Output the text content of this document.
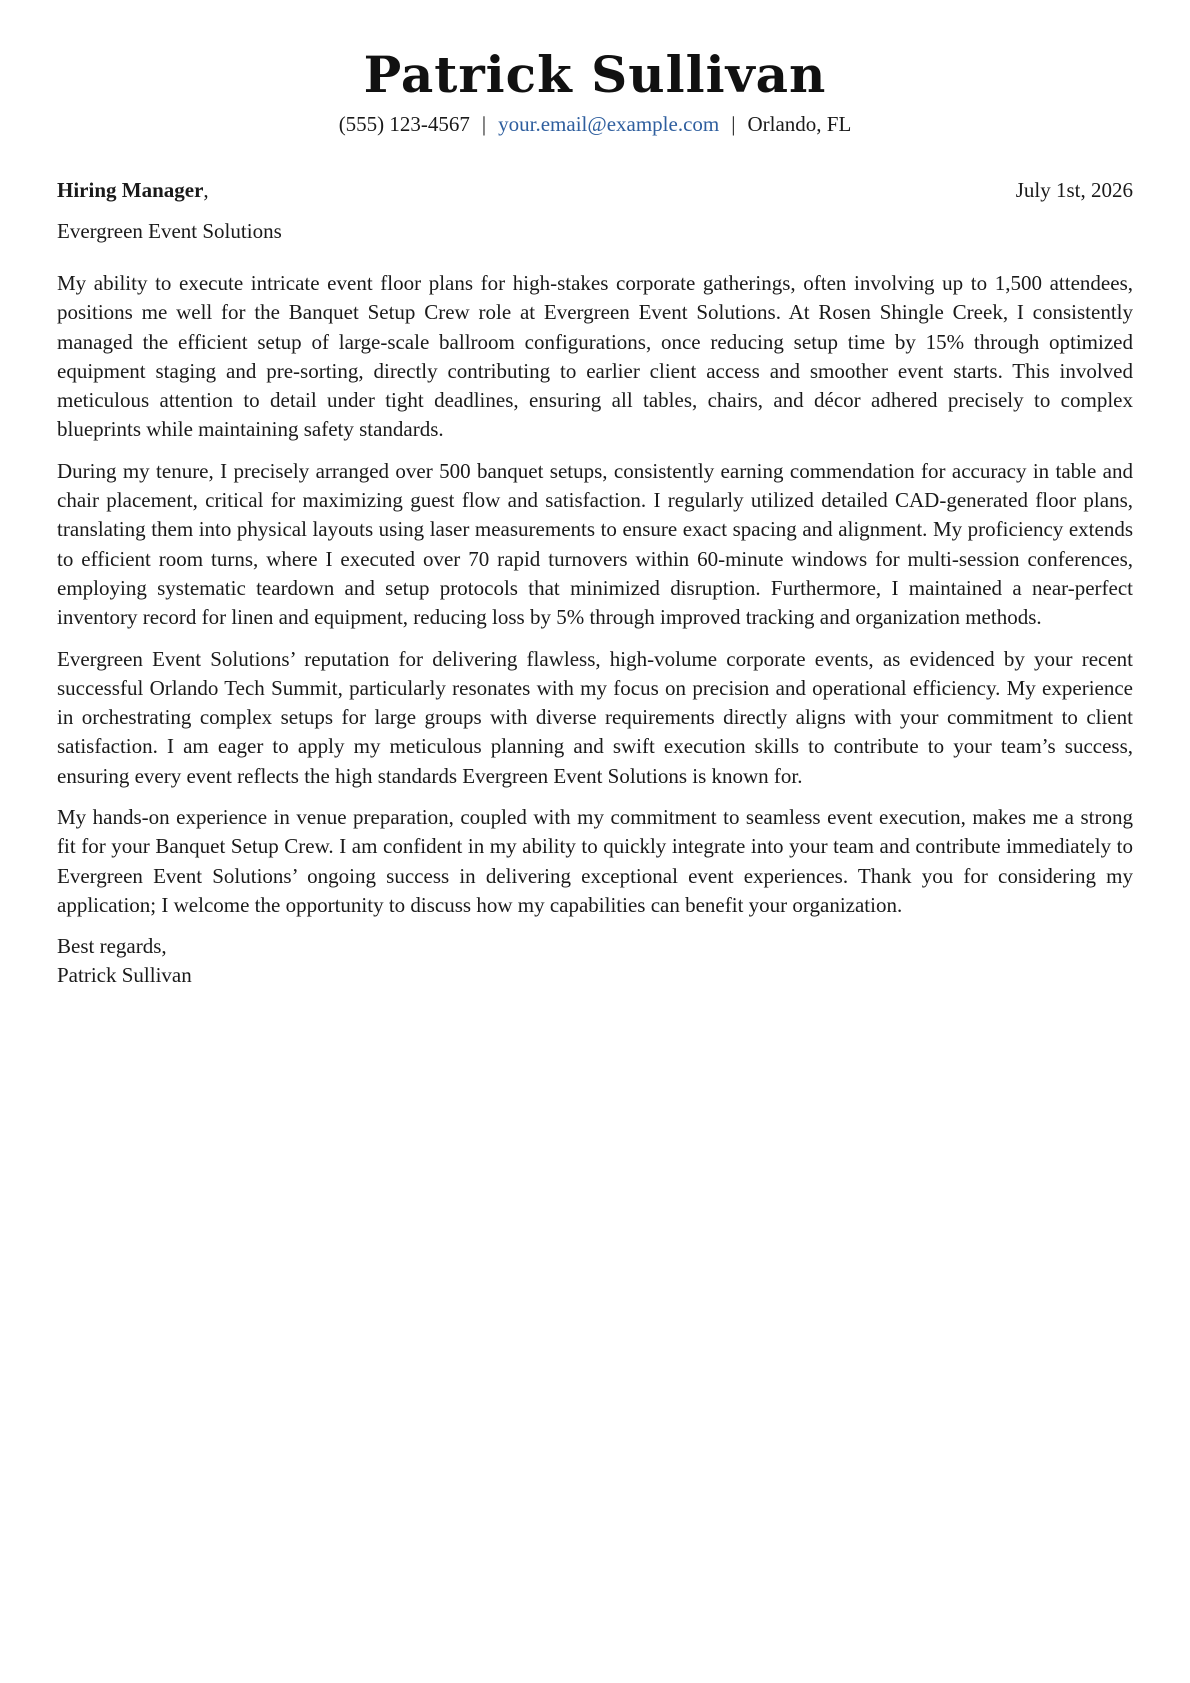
Patrick Sullivan
(555) 123-4567 | your.email@example.com | Orlando, FL
Hiring Manager,	July 1st, 2026
Evergreen Event Solutions

My ability to execute intricate event floor plans for high-stakes corporate gatherings, often involving up to 1,500 attendees, positions me well for the Banquet Setup Crew role at Evergreen Event Solutions. At Rosen Shingle Creek, I consistently managed the efficient setup of large-scale ballroom configurations, once reducing setup time by 15% through optimized equipment staging and pre-sorting, directly contributing to earlier client access and smoother event starts. This involved meticulous attention to detail under tight deadlines, ensuring all tables, chairs, and décor adhered precisely to complex blueprints while maintaining safety standards.

During my tenure, I precisely arranged over 500 banquet setups, consistently earning commendation for accuracy in table and chair placement, critical for maximizing guest flow and satisfaction. I regularly utilized detailed CAD-generated floor plans, translating them into physical layouts using laser measurements to ensure exact spacing and alignment. My proficiency extends to efficient room turns, where I executed over 70 rapid turnovers within 60-minute windows for multi-session conferences, employing systematic teardown and setup protocols that minimized disruption. Furthermore, I maintained a near-perfect inventory record for linen and equipment, reducing loss by 5% through improved tracking and organization methods.

Evergreen Event Solutions’ reputation for delivering flawless, high-volume corporate events, as evidenced by your recent successful Orlando Tech Summit, particularly resonates with my focus on precision and operational efficiency. My experience in orchestrating complex setups for large groups with diverse requirements directly aligns with your commitment to client satisfaction. I am eager to apply my meticulous planning and swift execution skills to contribute to your team’s success, ensuring every event reflects the high standards Evergreen Event Solutions is known for.

My hands-on experience in venue preparation, coupled with my commitment to seamless event execution, makes me a strong fit for your Banquet Setup Crew. I am confident in my ability to quickly integrate into your team and contribute immediately to Evergreen Event Solutions’ ongoing success in delivering exceptional event experiences. Thank you for considering my application; I welcome the opportunity to discuss how my capabilities can benefit your organization.

Best regards,
Patrick Sullivan
